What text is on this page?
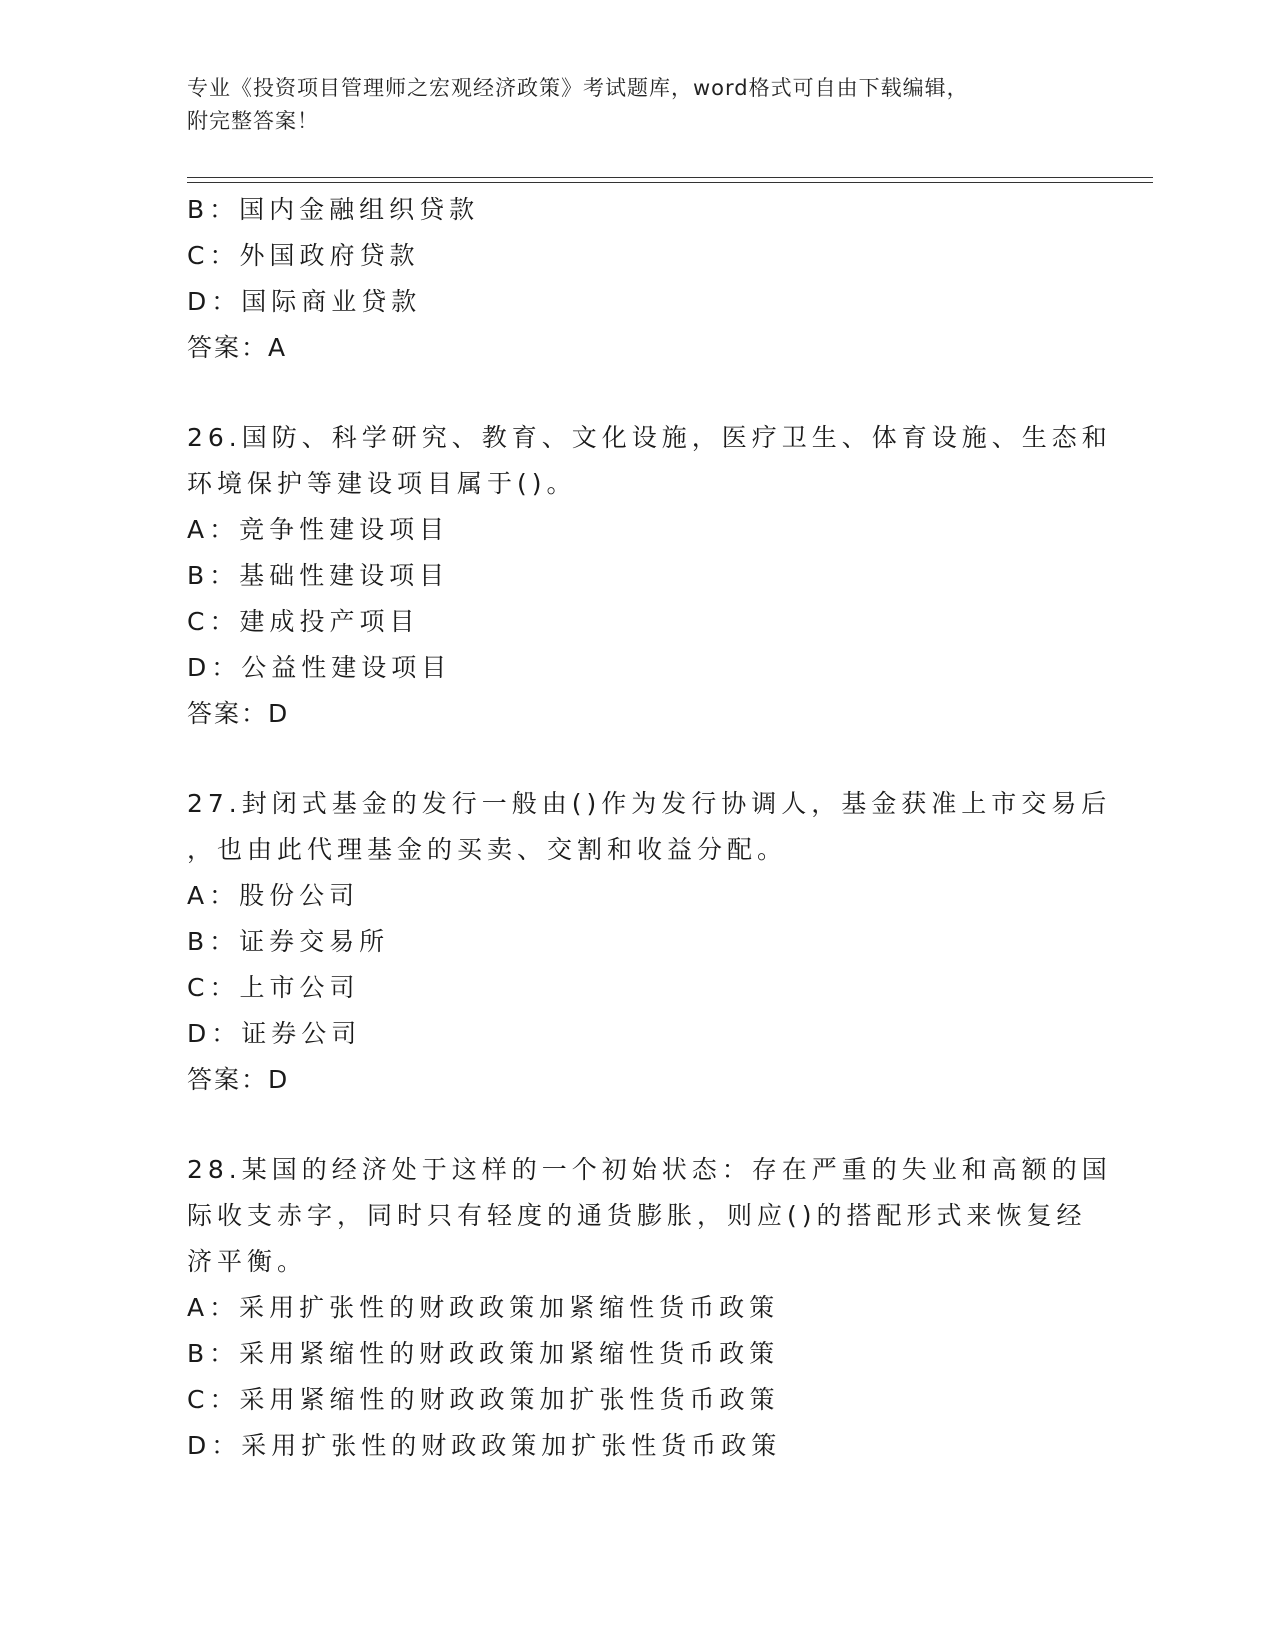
专业《投资项目管理师之宏观经济政策》考试题库，word格式可自由下载编辑，
附完整答案！
B：国内金融组织贷款
C：外国政府贷款
D：国际商业贷款
答案：A
26.国防、科学研究、教育、文化设施，医疗卫生、体育设施、生态和
环境保护等建设项目属于()。
A：竞争性建设项目
B：基础性建设项目
C：建成投产项目
D：公益性建设项目
答案：D
27.封闭式基金的发行一般由()作为发行协调人，基金获准上市交易后
，也由此代理基金的买卖、交割和收益分配。
A：股份公司
B：证券交易所
C：上市公司
D：证券公司
答案：D
28.某国的经济处于这样的一个初始状态：存在严重的失业和高额的国
际收支赤字，同时只有轻度的通货膨胀，则应()的搭配形式来恢复经
济平衡。
A：采用扩张性的财政政策加紧缩性货币政策
B：采用紧缩性的财政政策加紧缩性货币政策
C：采用紧缩性的财政政策加扩张性货币政策
D：采用扩张性的财政政策加扩张性货币政策
